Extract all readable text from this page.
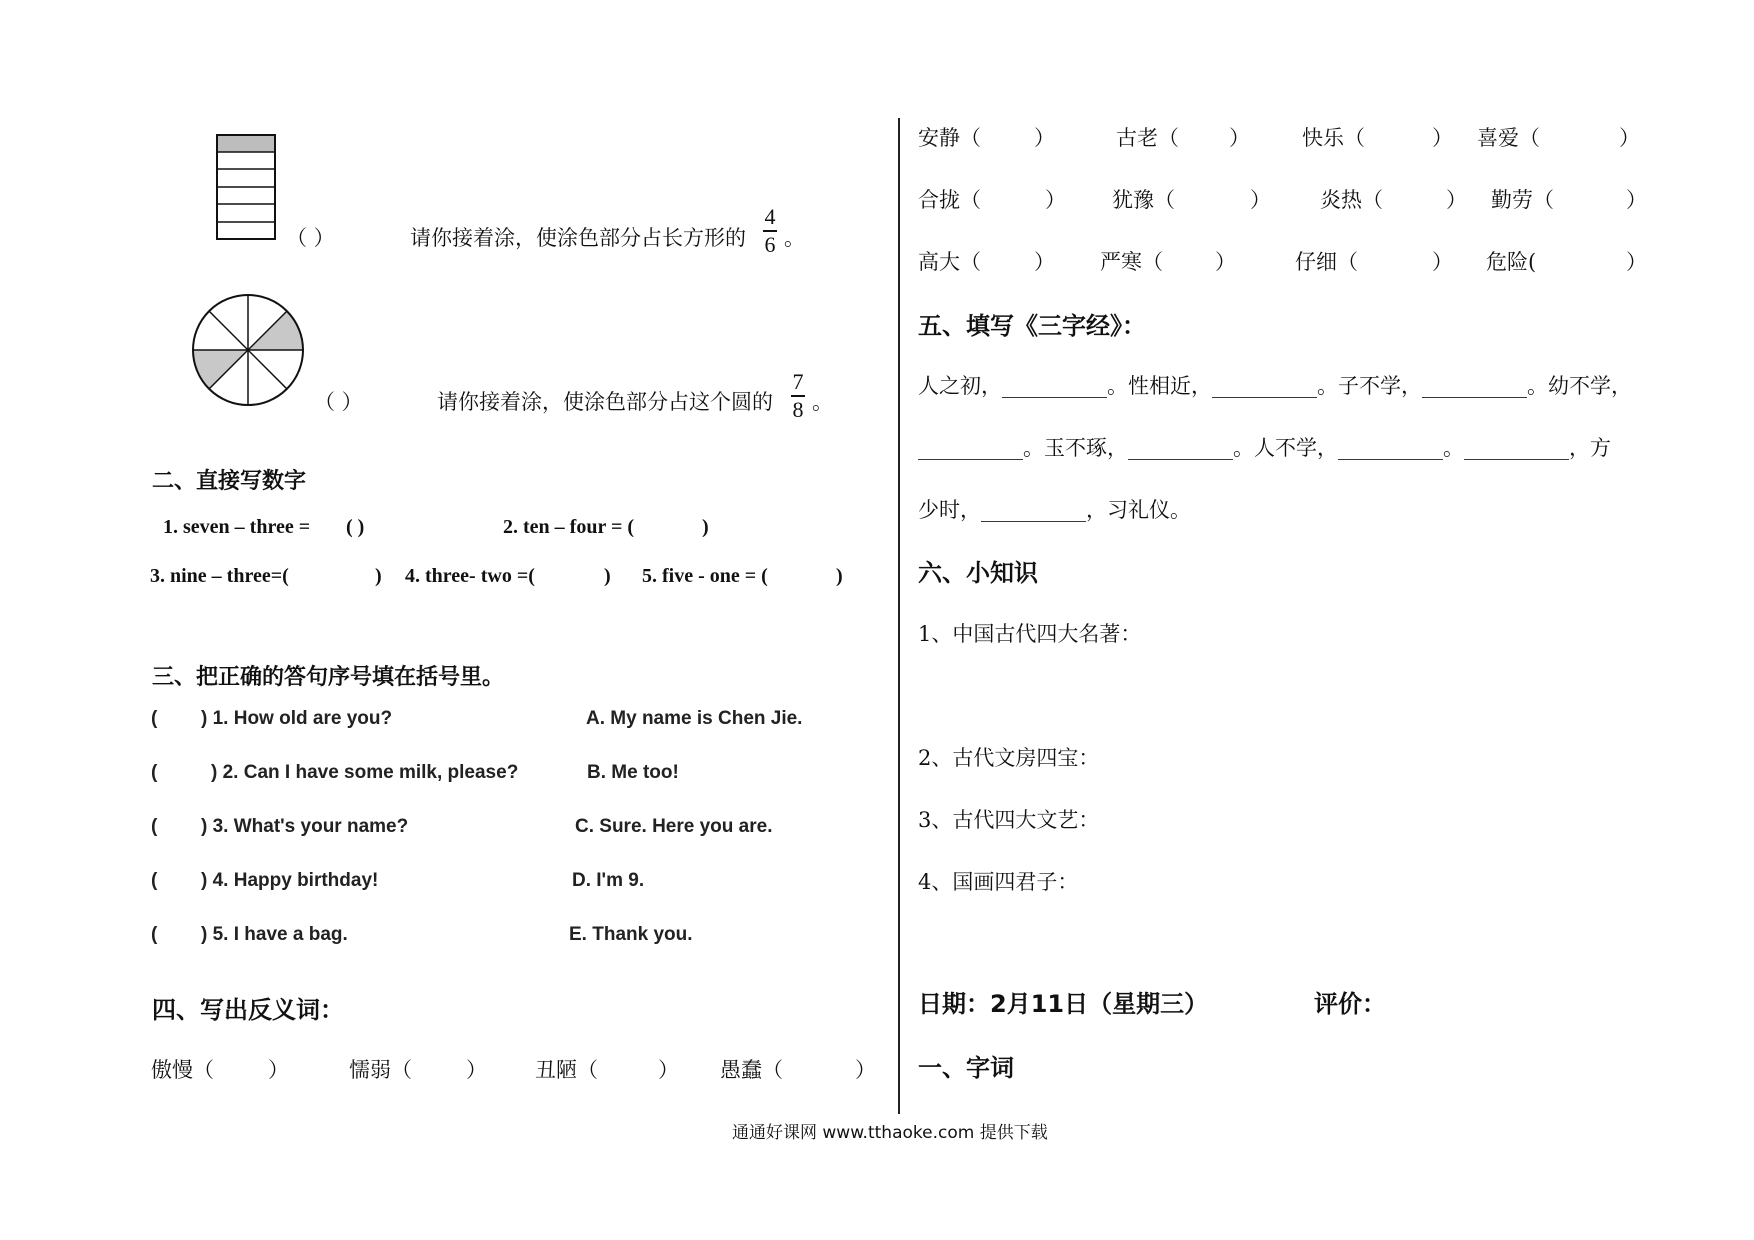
（ ）	请你接着涂，使涂色部分占长方形的
4
6 。
（ ）	请你接着涂，使涂色部分占这个圆的
7
8 。
二、直接写数字
1. seven – three = ( )	2. ten – four = (	)
3. nine – three=(	) 4. three- two =(	) 5. five - one = (	)
三、把正确的答句序号填在括号里。
( ) 1. How old are you?	A. My name is Chen Jie.
(	) 2. Can I have some milk, please?	B. Me too!
( ) 3. What's your name?	C. Sure. Here you are.
( ) 4. Happy birthday!	D. I'm 9.
( ) 5. I have a bag.	E. Thank you.
四、写出反义词：
傲慢（	）	懦弱（	） 丑陋（	） 愚蠢（	）
安静（	）	古老（ ） 快乐（	） 喜爱（	）
合拢（	） 犹豫（	） 炎热（	） 勤劳（	）
高大（	） 严寒（ ）	仔细（	） 危险(	）
五、填写《三字经》：
人之初，__________。性相近，__________。子不学，__________。幼不学，
__________。玉不琢，__________。人不学，__________。__________，方
少时，__________，习礼仪。
六、小知识
1、中国古代四大名著：
2、古代文房四宝：
3、古代四大文艺：
4、国画四君子：
日期：2月11日（星期三）	评价：
一、字词
通通好课网 www.tthaoke.com 提供下载
